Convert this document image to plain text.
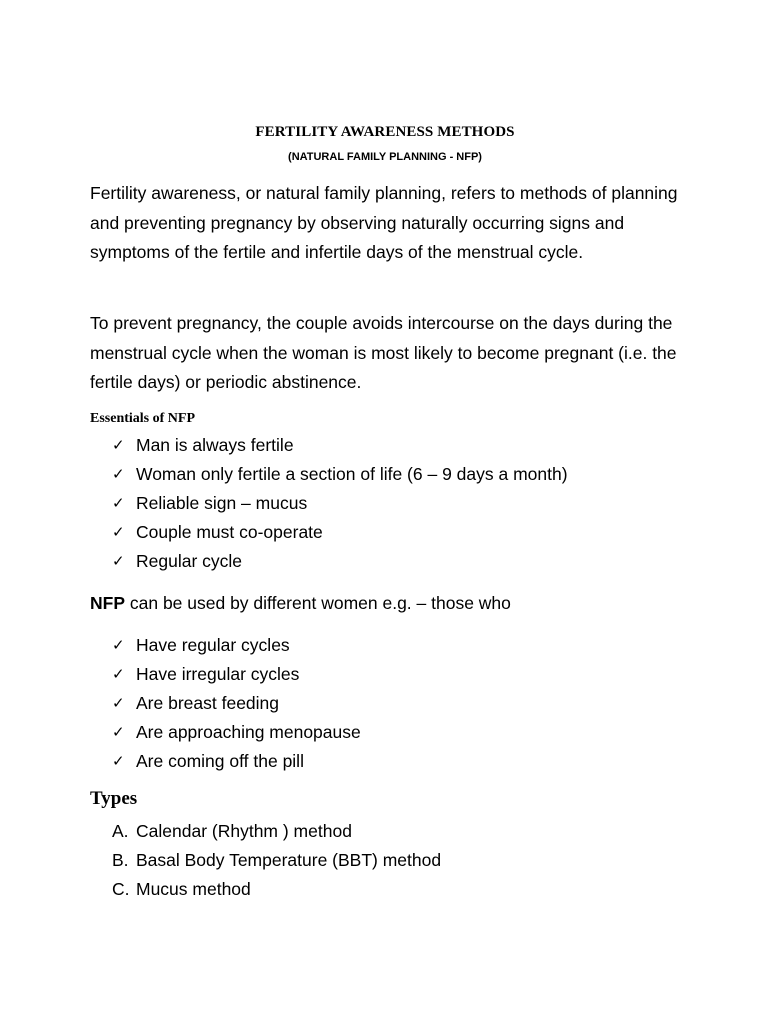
FERTILITY AWARENESS METHODS
(NATURAL FAMILY PLANNING - NFP)

Fertility awareness, or natural family planning, refers to methods of planning and preventing pregnancy by observing naturally occurring signs and symptoms of the fertile and infertile days of the menstrual cycle.

To prevent pregnancy, the couple avoids intercourse on the days during the menstrual cycle when the woman is most likely to become pregnant (i.e. the fertile days) or periodic abstinence.

Essentials of NFP
✓ Man is always fertile
✓ Woman only fertile a section of life (6 – 9 days a month)
✓ Reliable sign – mucus
✓ Couple must co-operate
✓ Regular cycle

NFP can be used by different women e.g. – those who

✓ Have regular cycles
✓ Have irregular cycles
✓ Are breast feeding
✓ Are approaching menopause
✓ Are coming off the pill
Types
A. Calendar (Rhythm ) method
B. Basal Body Temperature (BBT) method
C. Mucus method
